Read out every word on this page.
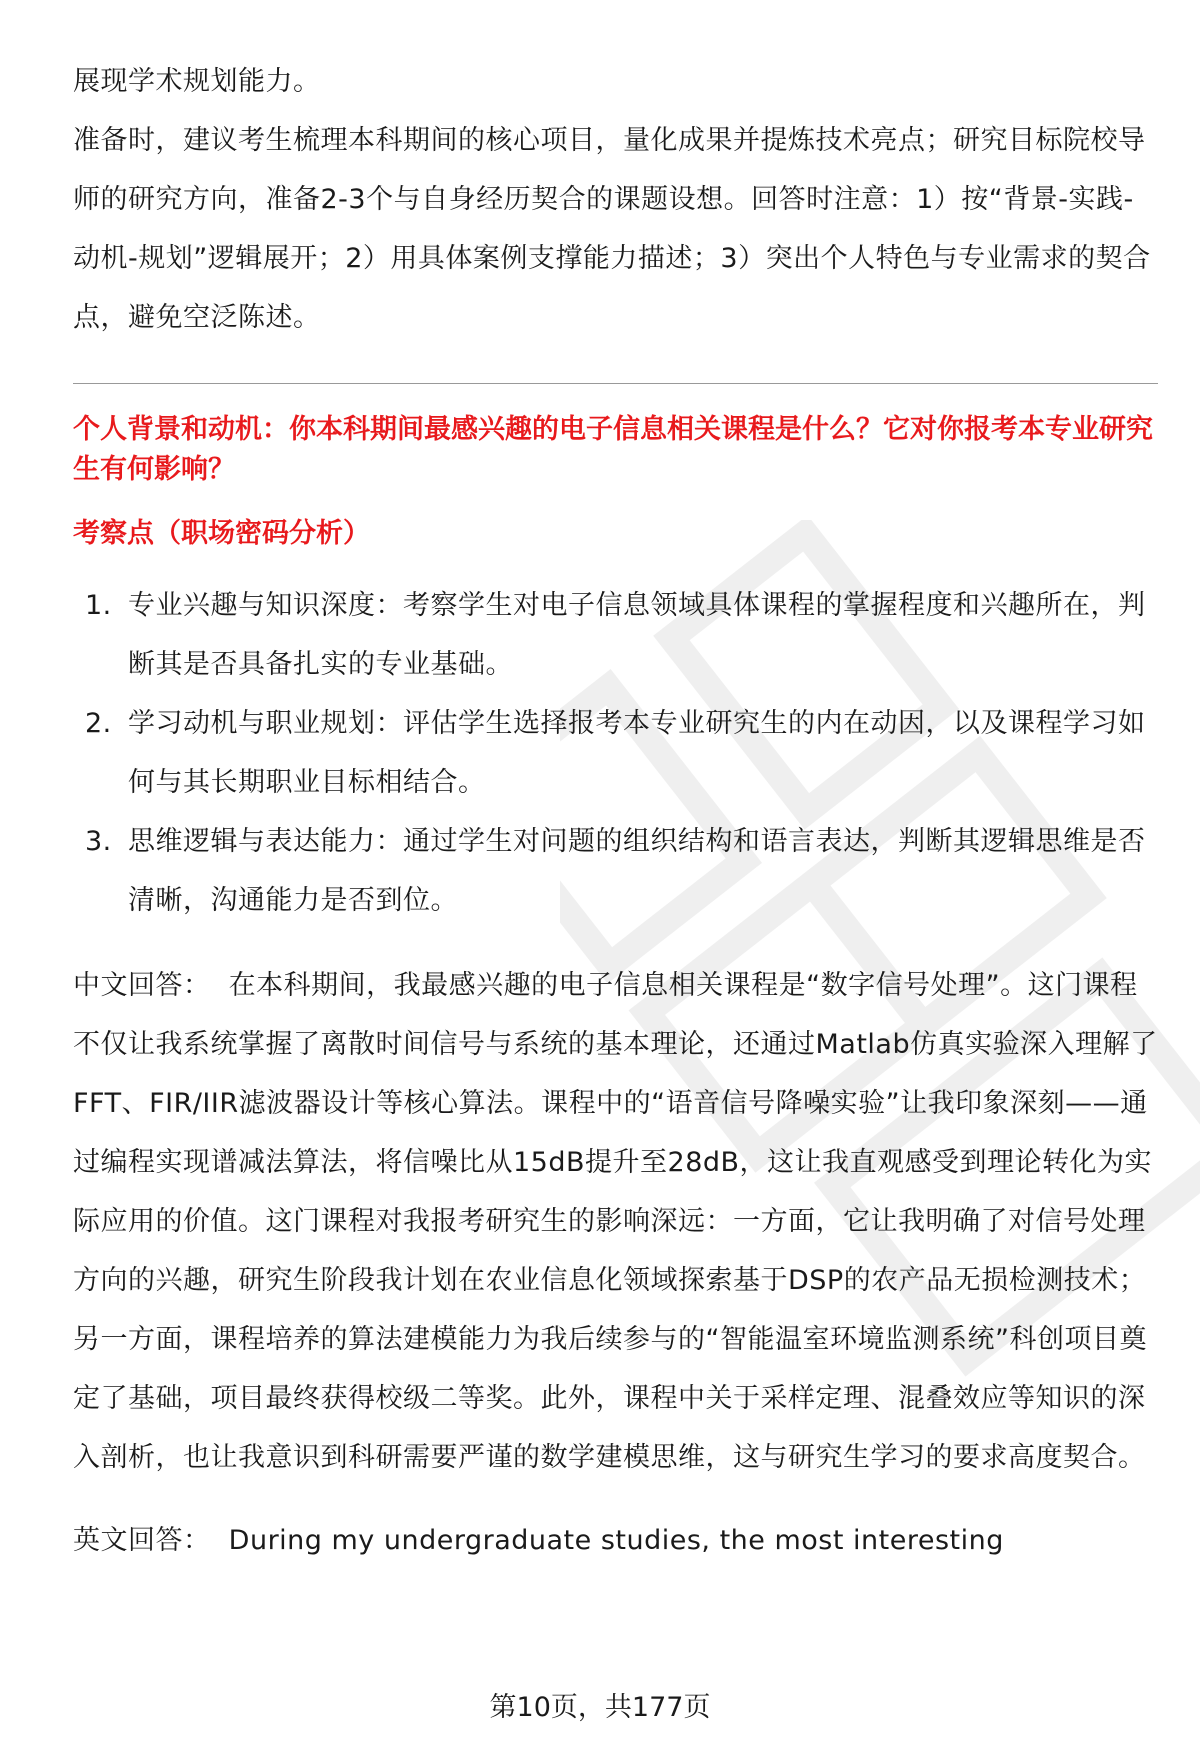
展现学术规划能力。

准备时，建议考生梳理本科期间的核心项目，量化成果并提炼技术亮点；研究目标院校导师的研究方向，准备2-3个与自身经历契合的课题设想。回答时注意：1）按“背景-实践-动机-规划”逻辑展开；2）用具体案例支撑能力描述；3）突出个人特色与专业需求的契合点，避免空泛陈述。

个人背景和动机：你本科期间最感兴趣的电子信息相关课程是什么？它对你报考本专业研究生有何影响？

考察点（职场密码分析）

1. 专业兴趣与知识深度：考察学生对电子信息领域具体课程的掌握程度和兴趣所在，判断其是否具备扎实的专业基础。
2. 学习动机与职业规划：评估学生选择报考本专业研究生的内在动因，以及课程学习如何与其长期职业目标相结合。
3. 思维逻辑与表达能力：通过学生对问题的组织结构和语言表达，判断其逻辑思维是否清晰，沟通能力是否到位。

中文回答： 在本科期间，我最感兴趣的电子信息相关课程是“数字信号处理”。这门课程不仅让我系统掌握了离散时间信号与系统的基本理论，还通过Matlab仿真实验深入理解了FFT、FIR/IIR滤波器设计等核心算法。课程中的“语音信号降噪实验”让我印象深刻——通过编程实现谱减法算法，将信噪比从15dB提升至28dB，这让我直观感受到理论转化为实际应用的价值。这门课程对我报考研究生的影响深远：一方面，它让我明确了对信号处理方向的兴趣，研究生阶段我计划在农业信息化领域探索基于DSP的农产品无损检测技术；另一方面，课程培养的算法建模能力为我后续参与的“智能温室环境监测系统”科创项目奠定了基础，项目最终获得校级二等奖。此外，课程中关于采样定理、混叠效应等知识的深入剖析，也让我意识到科研需要严谨的数学建模思维，这与研究生学习的要求高度契合。

英文回答： During my undergraduate studies, the most interesting

第10页，共177页
